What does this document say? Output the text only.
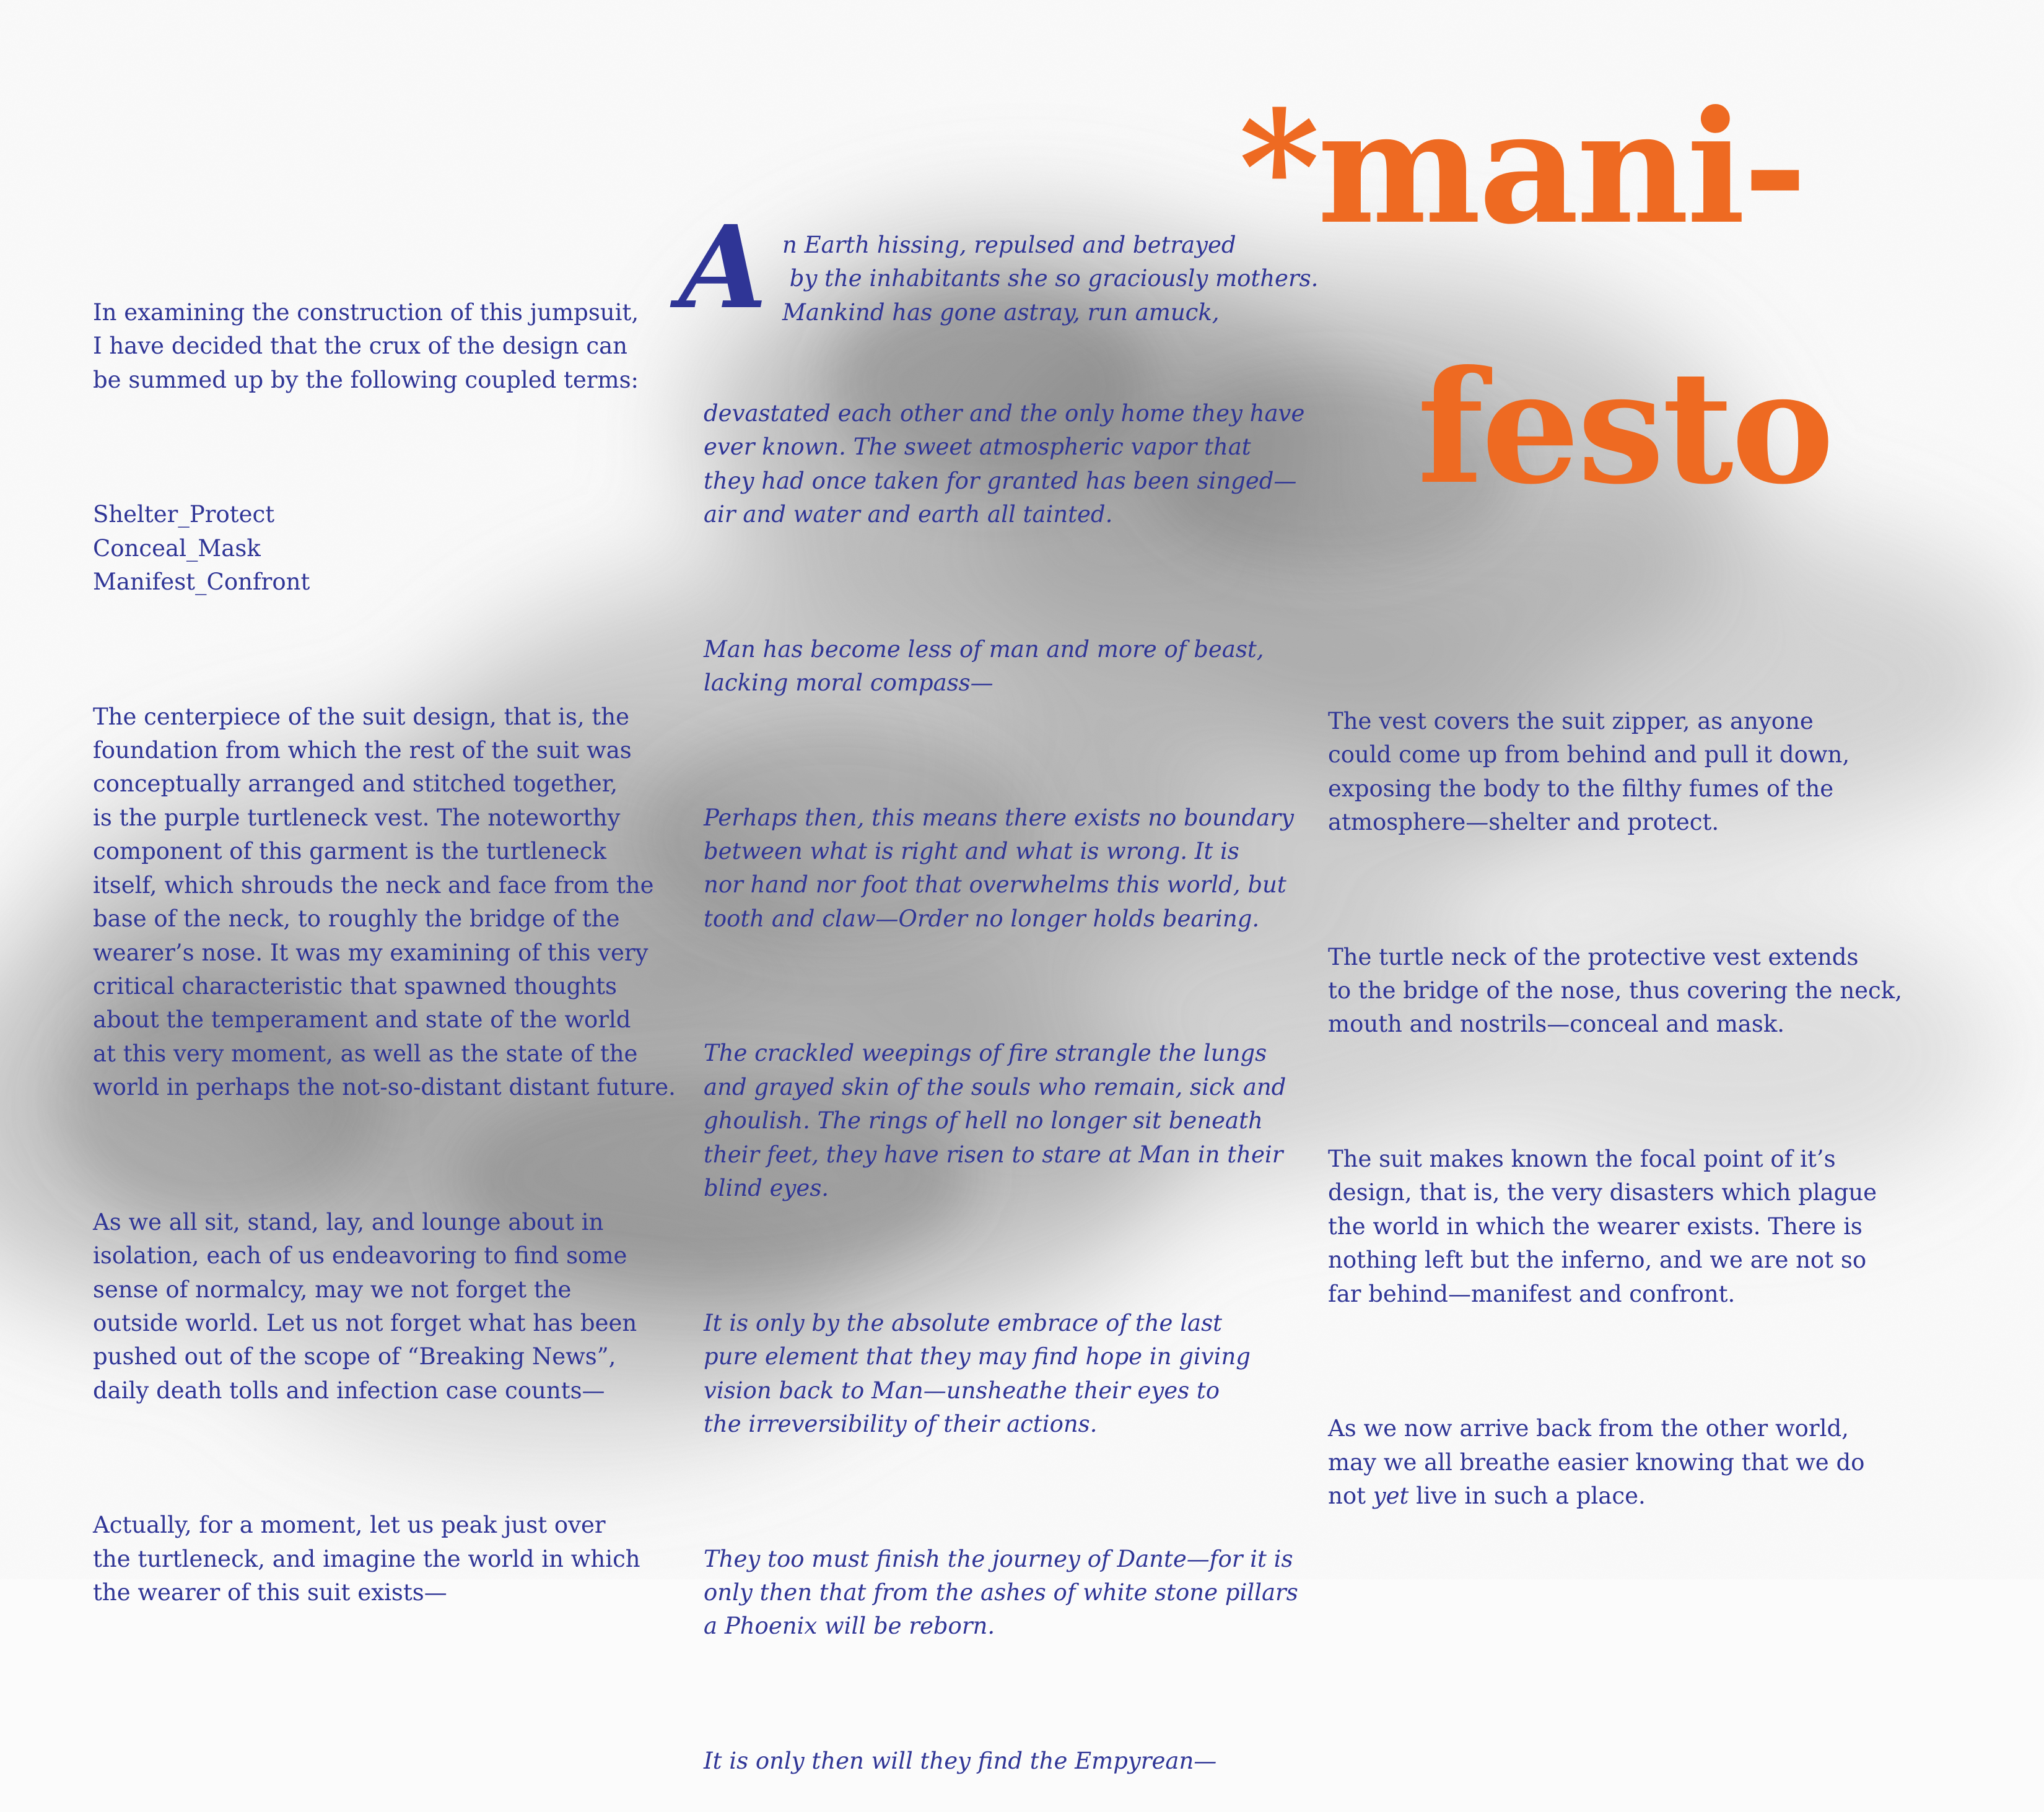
*mani-
festo

In examining the construction of this jumpsuit,
I have decided that the crux of the design can
be summed up by the following coupled terms:

Shelter_Protect
Conceal_Mask
Manifest_Confront

The centerpiece of the suit design, that is, the
foundation from which the rest of the suit was
conceptually arranged and stitched together,
is the purple turtleneck vest. The noteworthy
component of this garment is the turtleneck
itself, which shrouds the neck and face from the
base of the neck, to roughly the bridge of the
wearer’s nose. It was my examining of this very
critical characteristic that spawned thoughts
about the temperament and state of the world
at this very moment, as well as the state of the
world in perhaps the not-so-distant distant future.

As we all sit, stand, lay, and lounge about in
isolation, each of us endeavoring to find some
sense of normalcy, may we not forget the
outside world. Let us not forget what has been
pushed out of the scope of “Breaking News”,
daily death tolls and infection case counts—

Actually, for a moment, let us peak just over
the turtleneck, and imagine the world in which
the wearer of this suit exists—

A n Earth hissing, repulsed and betrayed
by the inhabitants she so graciously mothers.
Mankind has gone astray, run amuck,

devastated each other and the only home they have
ever known. The sweet atmospheric vapor that
they had once taken for granted has been singed—
air and water and earth all tainted.

Man has become less of man and more of beast,
lacking moral compass—

Perhaps then, this means there exists no boundary
between what is right and what is wrong. It is
nor hand nor foot that overwhelms this world, but
tooth and claw—Order no longer holds bearing.

The crackled weepings of fire strangle the lungs
and grayed skin of the souls who remain, sick and
ghoulish. The rings of hell no longer sit beneath
their feet, they have risen to stare at Man in their
blind eyes.

It is only by the absolute embrace of the last
pure element that they may find hope in giving
vision back to Man—unsheathe their eyes to
the irreversibility of their actions.

They too must finish the journey of Dante—for it is
only then that from the ashes of white stone pillars
a Phoenix will be reborn.

It is only then will they find the Empyrean—

The vest covers the suit zipper, as anyone
could come up from behind and pull it down,
exposing the body to the filthy fumes of the
atmosphere—shelter and protect.

The turtle neck of the protective vest extends
to the bridge of the nose, thus covering the neck,
mouth and nostrils—conceal and mask.

The suit makes known the focal point of it’s
design, that is, the very disasters which plague
the world in which the wearer exists. There is
nothing left but the inferno, and we are not so
far behind—manifest and confront.

As we now arrive back from the other world,
may we all breathe easier knowing that we do
not yet live in such a place.
